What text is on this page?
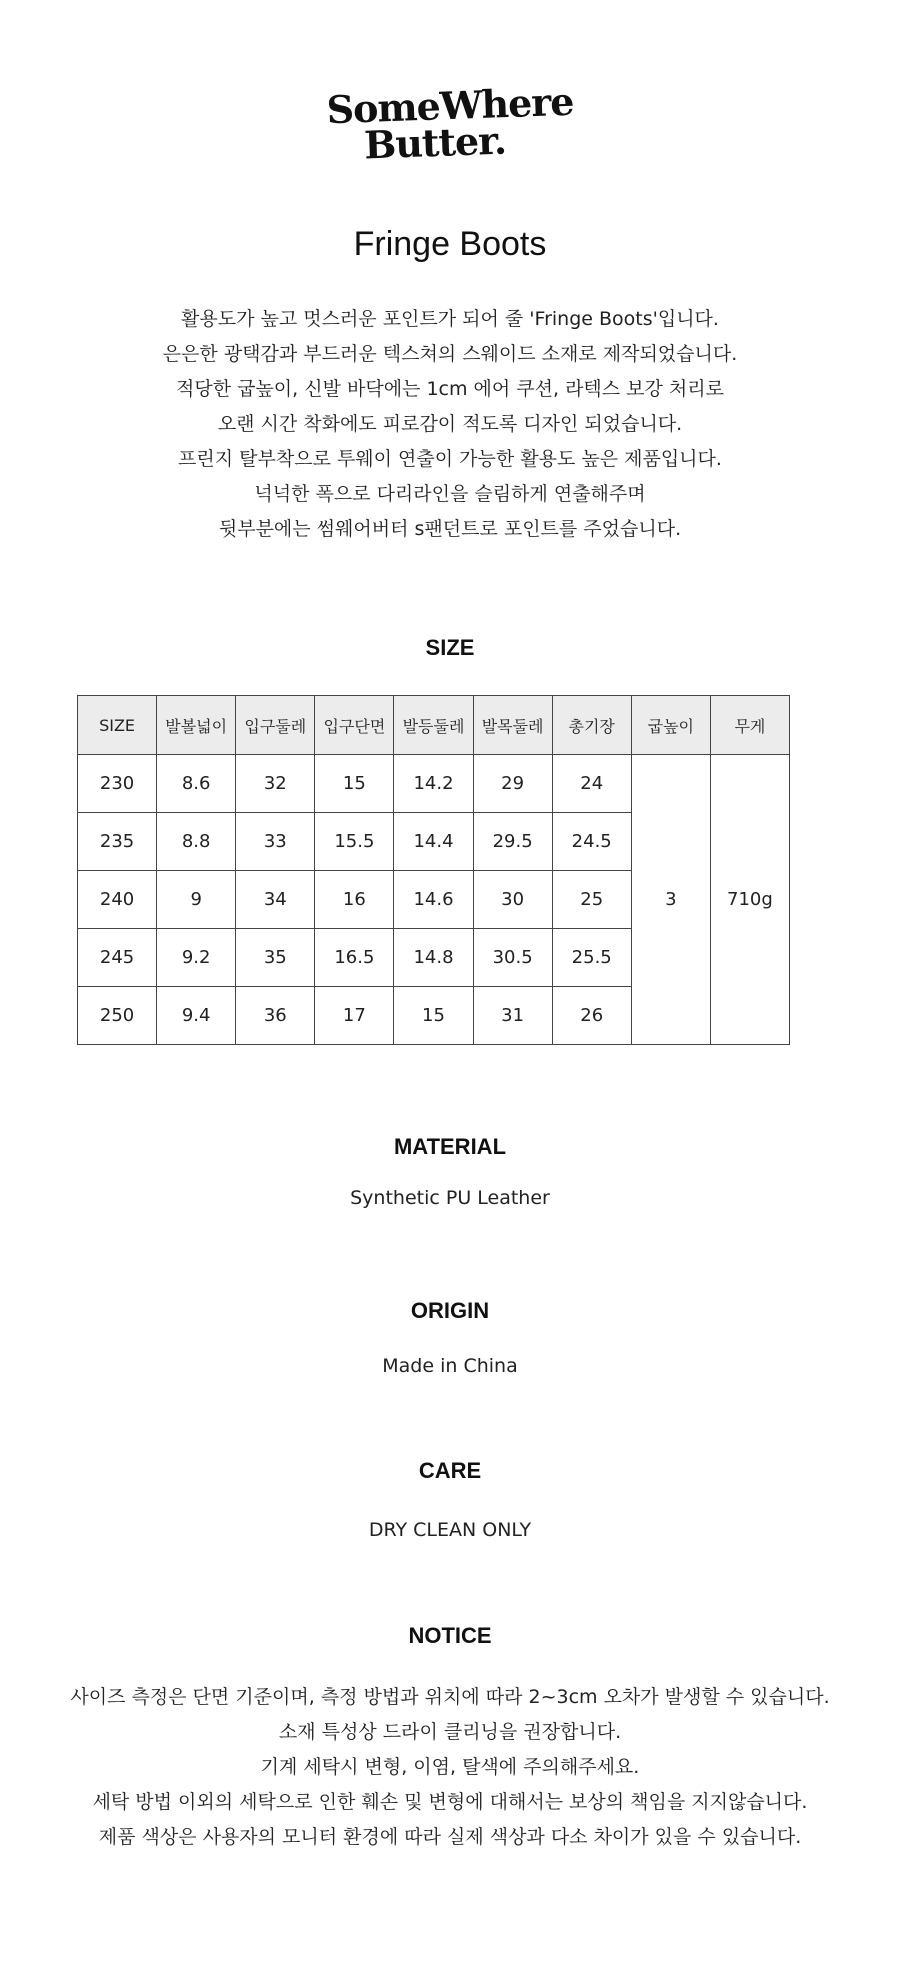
SomeWhere
Butter.
Fringe Boots
활용도가 높고 멋스러운 포인트가 되어 줄 'Fringe Boots'입니다.
은은한 광택감과 부드러운 텍스쳐의 스웨이드 소재로 제작되었습니다.
적당한 굽높이, 신발 바닥에는 1cm 에어 쿠션, 라텍스 보강 처리로
오랜 시간 착화에도 피로감이 적도록 디자인 되었습니다.
프린지 탈부착으로 투웨이 연출이 가능한 활용도 높은 제품입니다.
넉넉한 폭으로 다리라인을 슬림하게 연출해주며
뒷부분에는 썸웨어버터 s팬던트로 포인트를 주었습니다.
SIZE
SIZE	발볼넓이	입구둘레	입구단면	발등둘레	발목둘레	총기장	굽높이	무게
230	8.6	32	15	14.2	29	24	3	710g
235	8.8	33	15.5	14.4	29.5	24.5		
240	9	34	16	14.6	30	25		
245	9.2	35	16.5	14.8	30.5	25.5		
250	9.4	36	17	15	31	26		
MATERIAL
Synthetic PU Leather
ORIGIN
Made in China
CARE
DRY CLEAN ONLY
NOTICE
사이즈 측정은 단면 기준이며, 측정 방법과 위치에 따라 2~3cm 오차가 발생할 수 있습니다.
소재 특성상 드라이 클리닝을 권장합니다.
기계 세탁시 변형, 이염, 탈색에 주의해주세요.
세탁 방법 이외의 세탁으로 인한 훼손 및 변형에 대해서는 보상의 책임을 지지않습니다.
제품 색상은 사용자의 모니터 환경에 따라 실제 색상과 다소 차이가 있을 수 있습니다.
